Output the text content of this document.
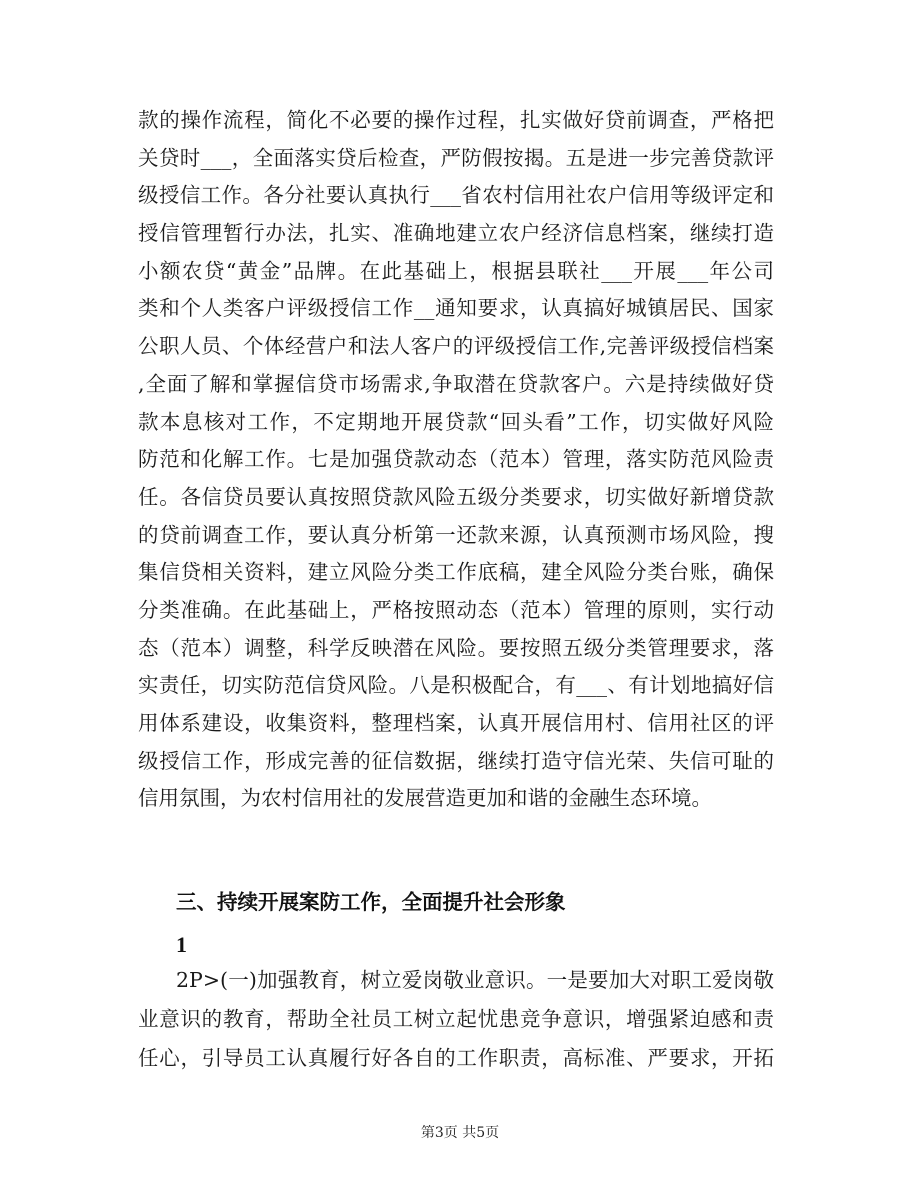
款的操作流程，简化不必要的操作过程，扎实做好贷前调查，严格把
关贷时___，全面落实贷后检查，严防假按揭。五是进一步完善贷款评
级授信工作。各分社要认真执行___省农村信用社农户信用等级评定和
授信管理暂行办法，扎实、准确地建立农户经济信息档案，继续打造
小额农贷“黄金”品牌。在此基础上，根据县联社___开展___年公司
类和个人类客户评级授信工作__通知要求，认真搞好城镇居民、国家
公职人员、个体经营户和法人客户的评级授信工作,完善评级授信档案
,全面了解和掌握信贷市场需求,争取潜在贷款客户。六是持续做好贷
款本息核对工作，不定期地开展贷款“回头看”工作，切实做好风险
防范和化解工作。七是加强贷款动态（范本）管理，落实防范风险责
任。各信贷员要认真按照贷款风险五级分类要求，切实做好新增贷款
的贷前调查工作，要认真分析第一还款来源，认真预测市场风险，搜
集信贷相关资料，建立风险分类工作底稿，建全风险分类台账，确保
分类准确。在此基础上，严格按照动态（范本）管理的原则，实行动
态（范本）调整，科学反映潜在风险。要按照五级分类管理要求，落
实责任，切实防范信贷风险。八是积极配合，有___、有计划地搞好信
用体系建设，收集资料，整理档案，认真开展信用村、信用社区的评
级授信工作，形成完善的征信数据，继续打造守信光荣、失信可耻的
信用氛围，为农村信用社的发展营造更加和谐的金融生态环境。
三、持续开展案防工作，全面提升社会形象
1
2P>(一)加强教育，树立爱岗敬业意识。一是要加大对职工爱岗敬
业意识的教育，帮助全社员工树立起忧患竞争意识，增强紧迫感和责
任心，引导员工认真履行好各自的工作职责，高标准、严要求，开拓
第3页 共5页
